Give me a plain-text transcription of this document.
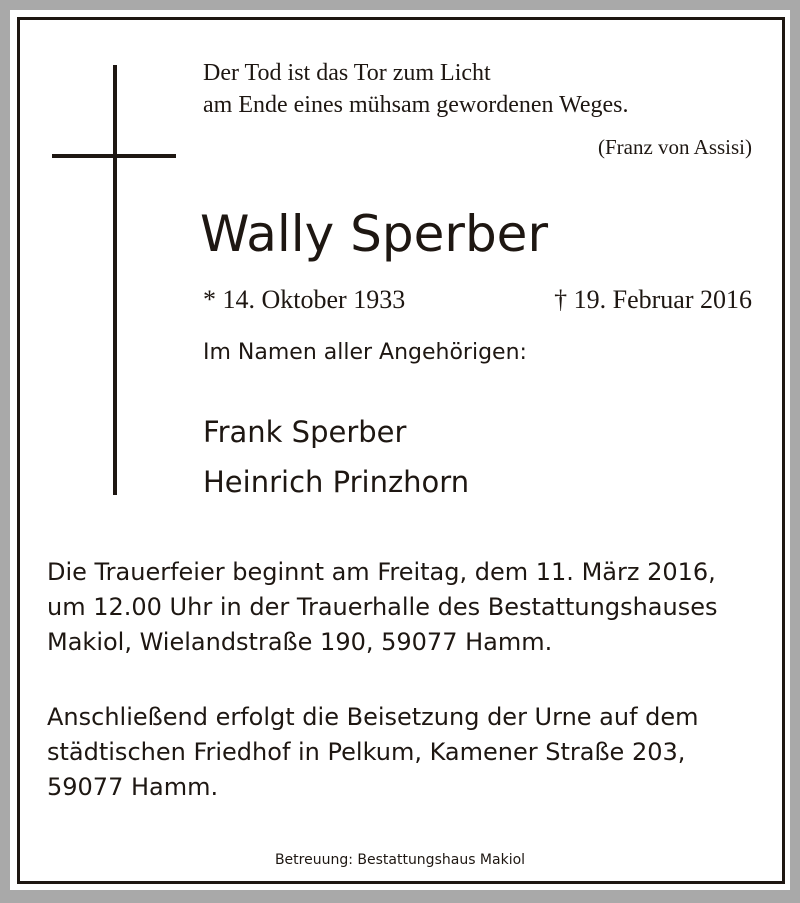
Der Tod ist das Tor zum Licht
am Ende eines mühsam gewordenen Weges.
(Franz von Assisi)
Wally Sperber
* 14. Oktober 1933	† 19. Februar 2016
Im Namen aller Angehörigen:
Frank Sperber
Heinrich Prinzhorn
Die Trauerfeier beginnt am Freitag, dem 11. März 2016,
um 12.00 Uhr in der Trauerhalle des Bestattungshauses
Makiol, Wielandstraße 190, 59077 Hamm.
Anschließend erfolgt die Beisetzung der Urne auf dem
städtischen Friedhof in Pelkum, Kamener Straße 203,
59077 Hamm.
Betreuung: Bestattungshaus Makiol
